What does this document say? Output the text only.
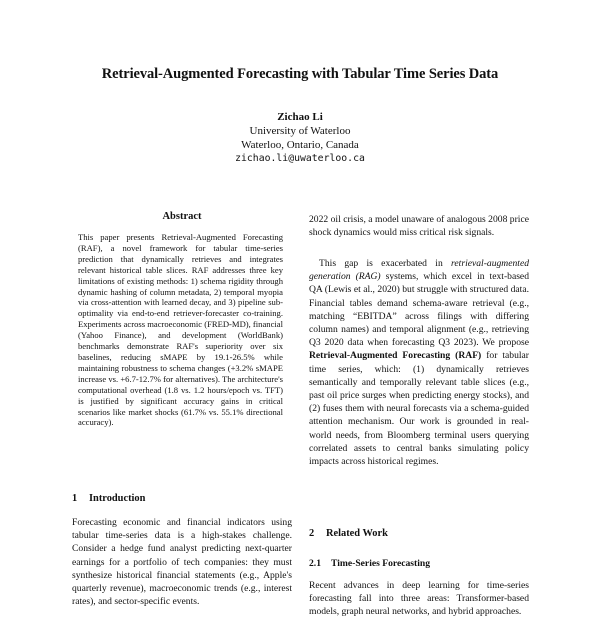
Retrieval-Augmented Forecasting with Tabular Time Series Data
Zichao Li
University of Waterloo
Waterloo, Ontario, Canada
zichao.li@uwaterloo.ca
Abstract
This paper presents Retrieval-Augmented Forecasting (RAF), a novel framework for tabular time-series prediction that dynamically retrieves and integrates relevant historical table slices. RAF addresses three key limitations of existing methods: 1) schema rigidity through dynamic hashing of column metadata, 2) temporal myopia via cross-attention with learned decay, and 3) pipeline sub-optimality via end-to-end retriever-forecaster co-training. Experiments across macroeconomic (FRED-MD), financial (Yahoo Finance), and development (WorldBank) benchmarks demonstrate RAF's superiority over six baselines, reducing sMAPE by 19.1-26.5% while maintaining robustness to schema changes (+3.2% sMAPE increase vs. +6.7-12.7% for alternatives). The architecture's computational overhead (1.8 vs. 1.2 hours/epoch vs. TFT) is justified by significant accuracy gains in critical scenarios like market shocks (61.7% vs. 55.1% directional accuracy).
1 Introduction
Forecasting economic and financial indicators using tabular time-series data is a high-stakes challenge. Consider a hedge fund analyst predicting next-quarter earnings for a portfolio of tech companies: they must synthesize historical financial statements (e.g., Apple's quarterly revenue), macroeconomic trends (e.g., interest rates), and sector-specific events.
2022 oil crisis, a model unaware of analogous 2008 price shock dynamics would miss critical risk signals.
This gap is exacerbated in retrieval-augmented generation (RAG) systems, which excel in text-based QA (Lewis et al., 2020) but struggle with structured data. Financial tables demand schema-aware retrieval (e.g., matching “EBITDA” across filings with differing column names) and temporal alignment (e.g., retrieving Q3 2020 data when forecasting Q3 2023). We propose Retrieval-Augmented Forecasting (RAF) for tabular time series, which: (1) dynamically retrieves semantically and temporally relevant table slices (e.g., past oil price surges when predicting energy stocks), and (2) fuses them with neural forecasts via a schema-guided attention mechanism. Our work is grounded in real-world needs, from Bloomberg terminal users querying correlated assets to central banks simulating policy impacts across historical regimes.
2 Related Work
2.1 Time-Series Forecasting
Recent advances in deep learning for time-series forecasting fall into three areas: Transformer-based models, graph neural networks, and hybrid approaches.
